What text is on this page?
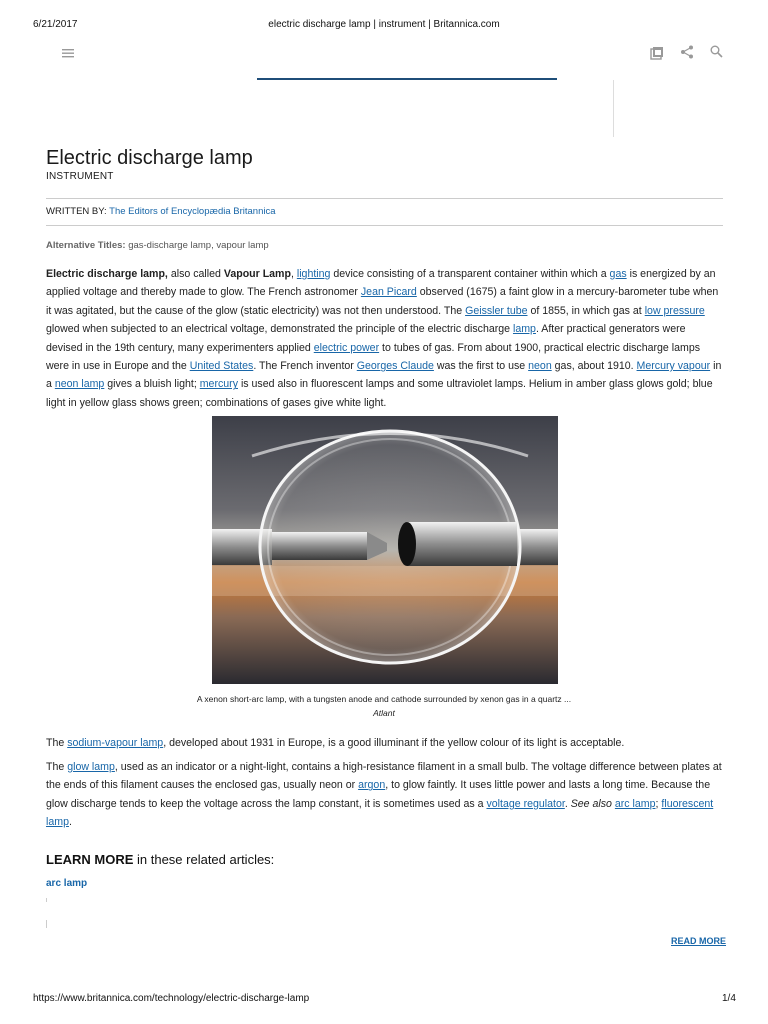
6/21/2017	electric discharge lamp | instrument | Britannica.com
Electric discharge lamp
INSTRUMENT
WRITTEN BY: The Editors of Encyclopædia Britannica
Alternative Titles: gas-discharge lamp, vapour lamp

Electric discharge lamp, also called Vapour Lamp, lighting device consisting of a transparent container within which a gas is energized by an applied voltage and thereby made to glow. The French astronomer Jean Picard observed (1675) a faint glow in a mercury-barometer tube when it was agitated, but the cause of the glow (static electricity) was not then understood. The Geissler tube of 1855, in which gas at low pressure glowed when subjected to an electrical voltage, demonstrated the principle of the electric discharge lamp. After practical generators were devised in the 19th century, many experimenters applied electric power to tubes of gas. From about 1900, practical electric discharge lamps were in use in Europe and the United States. The French inventor Georges Claude was the first to use neon gas, about 1910. Mercury vapour in a neon lamp gives a bluish light; mercury is used also in fluorescent lamps and some ultraviolet lamps. Helium in amber glass glows gold; blue light in yellow glass shows green; combinations of gases give white light.

A xenon short-arc lamp, with a tungsten anode and cathode surrounded by xenon gas in a quartz ...
Atlant

The sodium-vapour lamp, developed about 1931 in Europe, is a good illuminant if the yellow colour of its light is acceptable.

The glow lamp, used as an indicator or a night-light, contains a high-resistance filament in a small bulb. The voltage difference between plates at the ends of this filament causes the enclosed gas, usually neon or argon, to glow faintly. It uses little power and lasts a long time. Because the glow discharge tends to keep the voltage across the lamp constant, it is sometimes used as a voltage regulator. See also arc lamp; fluorescent lamp.

LEARN MORE in these related articles:
arc lamp
READ MORE
https://www.britannica.com/technology/electric-discharge-lamp	1/4
